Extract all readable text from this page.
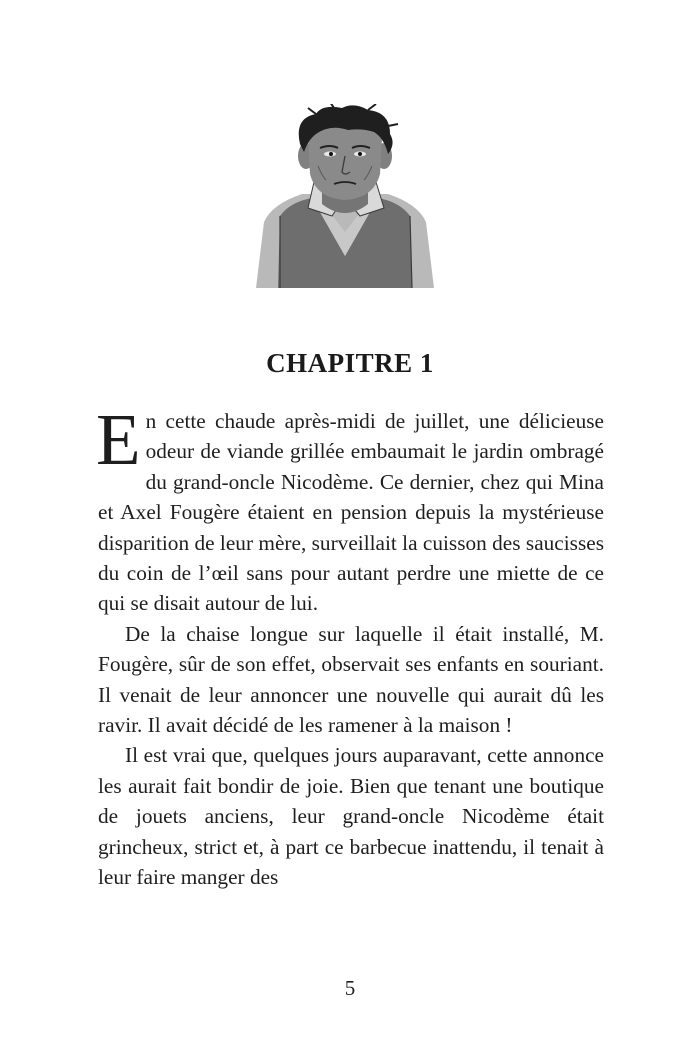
CHAPITRE 1

En cette chaude après-midi de juillet, une délicieuse odeur de viande grillée embaumait le jardin ombragé du grand-oncle Nicodème. Ce dernier, chez qui Mina et Axel Fougère étaient en pension depuis la mystérieuse disparition de leur mère, surveillait la cuisson des saucisses du coin de l’œil sans pour autant perdre une miette de ce qui se disait autour de lui.

De la chaise longue sur laquelle il était installé, M. Fougère, sûr de son effet, observait ses enfants en souriant. Il venait de leur annoncer une nouvelle qui aurait dû les ravir. Il avait décidé de les ramener à la maison !

Il est vrai que, quelques jours auparavant, cette annonce les aurait fait bondir de joie. Bien que tenant une boutique de jouets anciens, leur grand-oncle Nicodème était grincheux, strict et, à part ce barbecue inattendu, il tenait à leur faire manger des

5
